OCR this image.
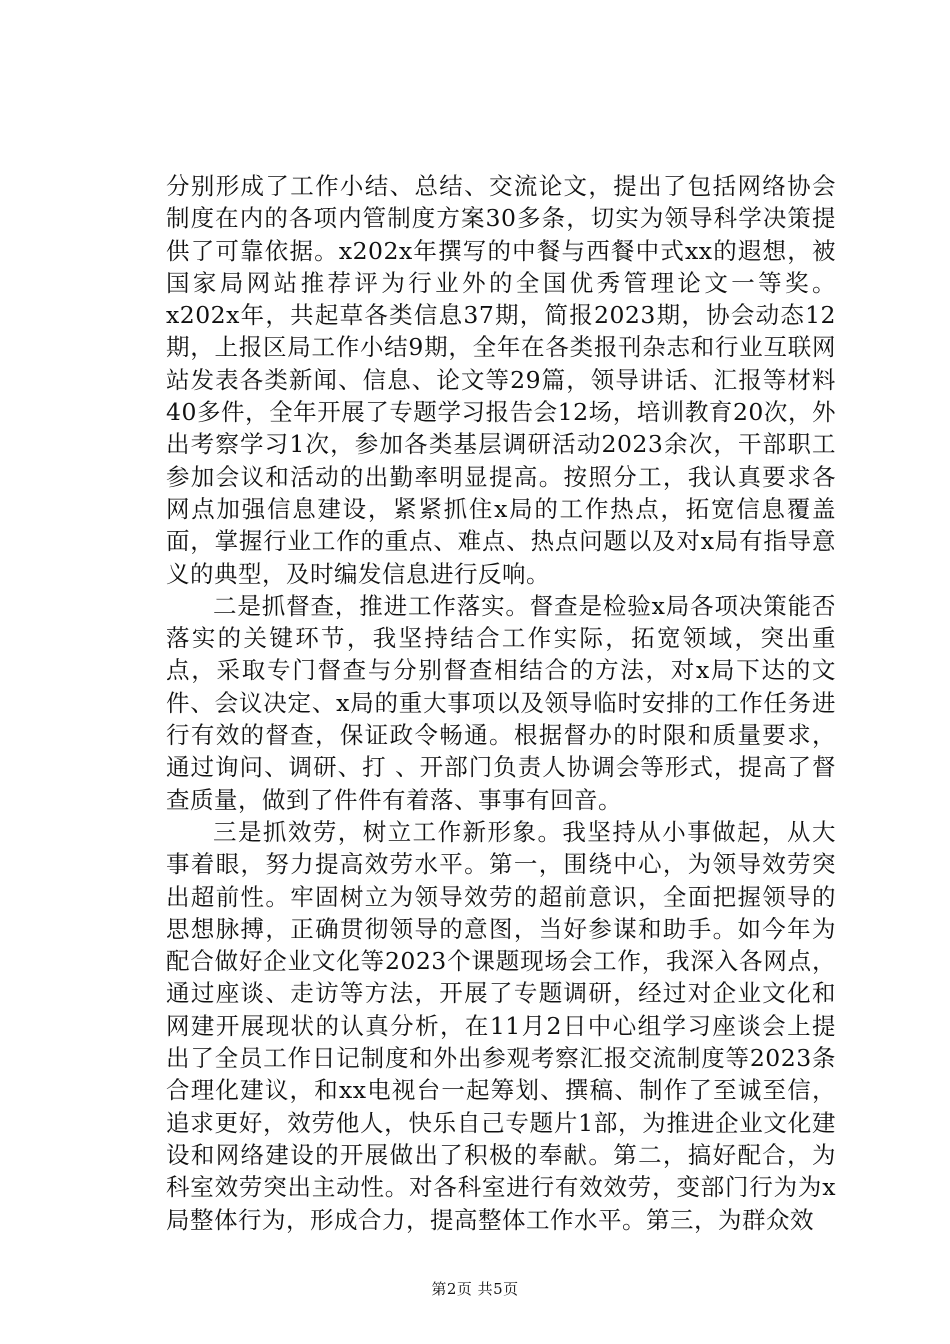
分别形成了工作小结、总结、交流论文，提出了包括网络协会制度在内的各项内管制度方案30多条，切实为领导科学决策提供了可靠依据。x202x年撰写的中餐与西餐中式xx的遐想，被国家局网站推荐评为行业外的全国优秀管理论文一等奖。x202x年，共起草各类信息37期，简报2023期，协会动态12期，上报区局工作小结9期，全年在各类报刊杂志和行业互联网站发表各类新闻、信息、论文等29篇，领导讲话、汇报等材料40多件，全年开展了专题学习报告会12场，培训教育20次，外出考察学习1次，参加各类基层调研活动2023余次，干部职工参加会议和活动的出勤率明显提高。按照分工，我认真要求各网点加强信息建设，紧紧抓住x局的工作热点，拓宽信息覆盖面，掌握行业工作的重点、难点、热点问题以及对x局有指导意义的典型，及时编发信息进行反响。

二是抓督查，推进工作落实。督查是检验x局各项决策能否落实的关键环节，我坚持结合工作实际，拓宽领域，突出重点，采取专门督查与分别督查相结合的方法，对x局下达的文件、会议决定、x局的重大事项以及领导临时安排的工作任务进行有效的督查，保证政令畅通。根据督办的时限和质量要求，通过询问、调研、打 、开部门负责人协调会等形式，提高了督查质量，做到了件件有着落、事事有回音。

三是抓效劳，树立工作新形象。我坚持从小事做起，从大事着眼，努力提高效劳水平。第一，围绕中心，为领导效劳突出超前性。牢固树立为领导效劳的超前意识，全面把握领导的思想脉搏，正确贯彻领导的意图，当好参谋和助手。如今年为配合做好企业文化等2023个课题现场会工作，我深入各网点，通过座谈、走访等方法，开展了专题调研，经过对企业文化和网建开展现状的认真分析，在11月2日中心组学习座谈会上提出了全员工作日记制度和外出参观考察汇报交流制度等2023条合理化建议，和xx电视台一起筹划、撰稿、制作了至诚至信，追求更好，效劳他人，快乐自己专题片1部，为推进企业文化建设和网络建设的开展做出了积极的奉献。第二，搞好配合，为科室效劳突出主动性。对各科室进行有效效劳，变部门行为为x局整体行为，形成合力，提高整体工作水平。第三，为群众效

第2页 共5页
